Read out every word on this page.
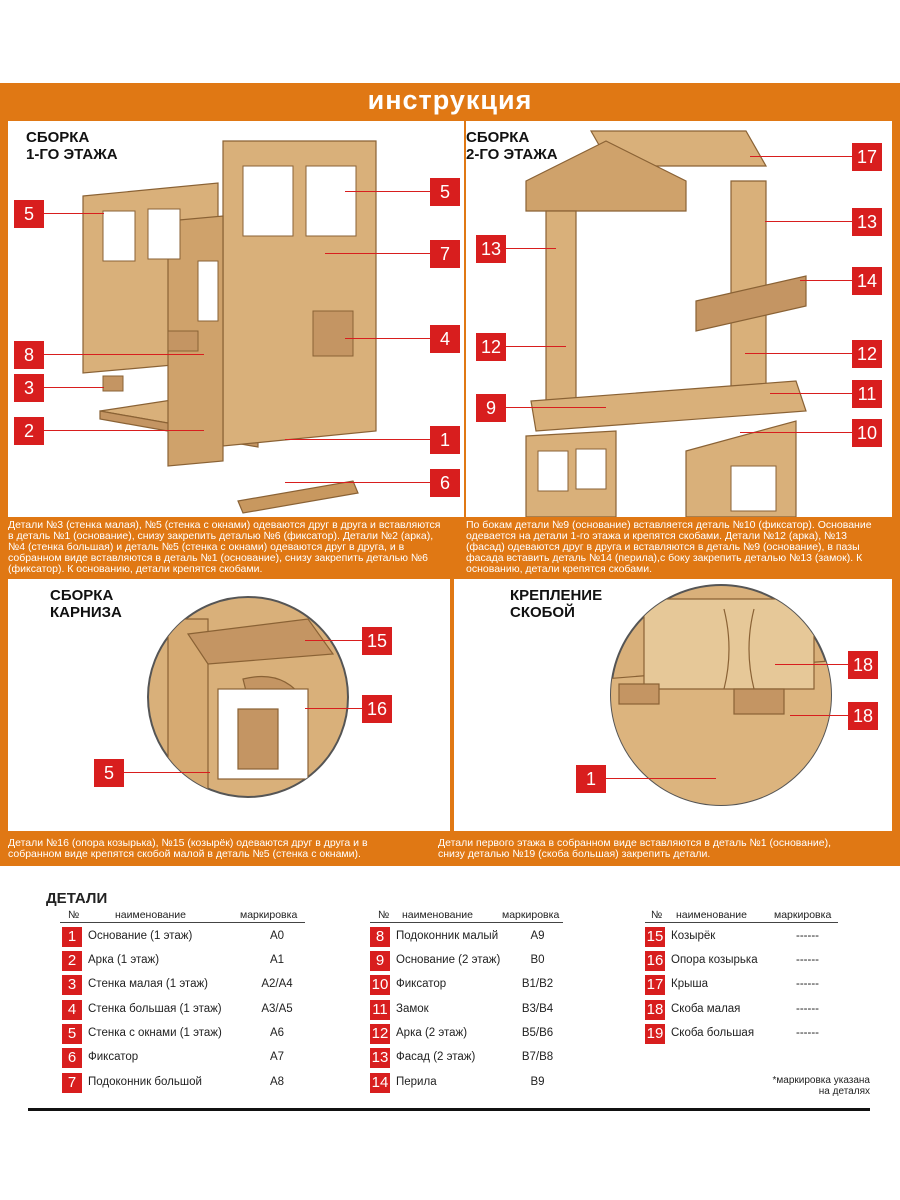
инструкция
СБОРКА
1-ГО ЭТАЖА
СБОРКА
2-ГО ЭТАЖА
5
5
7
4
8
3
2	1
6
17
13
13
14
12	12
9
11
10
Детали №3 (стенка малая), №5 (стенка с окнами) одеваются друг в друга и вставляются в деталь №1 (основание), снизу закрепить деталью №6 (фиксатор). Детали №2 (арка), №4 (стенка большая) и деталь №5 (стенка с окнами) одеваются друг в друга, и в собранном виде вставляются в деталь №1 (основание), снизу закрепить деталью №6 (фиксатор). К основанию, детали крепятся скобами.
По бокам детали №9 (основание) вставляется деталь №10 (фиксатор). Основание одевается на детали 1-го этажа и крепятся скобами. Детали №12 (арка), №13 (фасад) одеваются друг в друга и вставляются в деталь №9 (основание), в пазы фасада вставить деталь №14 (перила),с боку закрепить деталью №13 (замок). К основанию, детали крепятся скобами.
СБОРКА
КАРНИЗА
15
16
5
КРЕПЛЕНИЕ
СКОБОЙ
18
18
1
Детали №16 (опора козырька), №15 (козырёк) одеваются друг в друга и в собранном виде крепятся скобой малой в деталь №5 (стенка с окнами).
Детали первого этажа в собранном виде вставляются в деталь №1 (основание), снизу деталью №19 (скоба большая) закрепить детали.
ДЕТАЛИ
№	наименование	маркировка	№ наименование	маркировка	№ наименование	маркировка
1	Основание (1 этаж)	А0
2	Арка (1 этаж)	А1
3	Стенка малая (1 этаж)	А2/А4
4	Стенка большая (1 этаж)	А3/А5
5	Стенка с окнами (1 этаж)	А6
6	Фиксатор	А7
7	Подоконник большой	А8
8	Подоконник малый	А9
9	Основание (2 этаж)	В0
10 Фиксатор	В1/В2
11 Замок	В3/В4
12 Арка (2 этаж)	В5/В6
13 Фасад (2 этаж)	В7/В8
14 Перила	В9
15 Козырёк	------
16 Опора козырька	------
17 Крыша	------
18 Скоба малая	------
19 Скоба большая	------
*маркировка указана
на деталях
